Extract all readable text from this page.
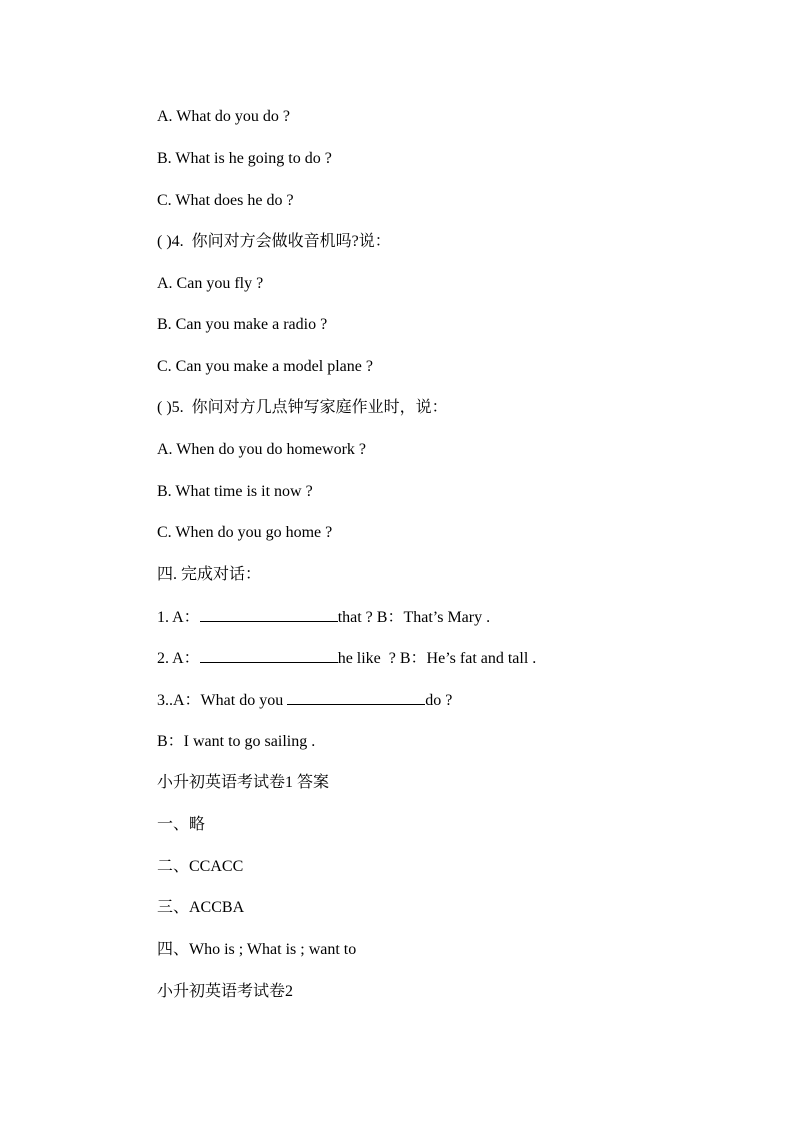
A. What do you do ?
B. What is he going to do ?
C. What does he do ?
( )4.  你问对方会做收音机吗?说：
A. Can you fly ?
B. Can you make a radio ?
C. Can you make a model plane ?
( )5.  你问对方几点钟写家庭作业时，说：
A. When do you do homework ?
B. What time is it now ?
C. When do you go home ?
四. 完成对话：
1. A：	that ? B：That’s Mary .
2. A：	he like  ? B：He’s fat and tall .
3..A：What do you	do ?
B：I want to go sailing .
小升初英语考试卷1 答案
一、略
二、CCACC
三、ACCBA
四、Who is ; What is ; want to
小升初英语考试卷2
